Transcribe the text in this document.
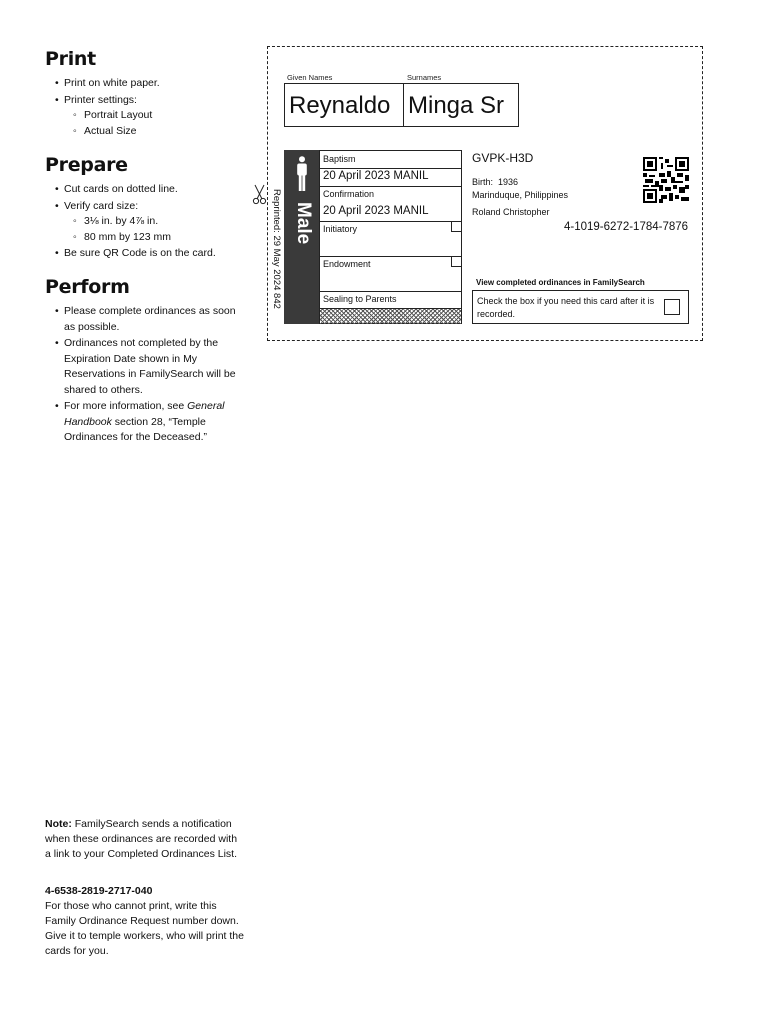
Print
• Print on white paper.
• Printer settings:
◦ Portrait Layout
◦ Actual Size
Prepare
• Cut cards on dotted line.
• Verify card size:
◦ 3⅛ in. by 4⅞ in.
◦ 80 mm by 123 mm
• Be sure QR Code is on the card.
Perform
• Please complete ordinances as soon as possible.
• Ordinances not completed by the Expiration Date shown in My Reservations in FamilySearch will be shared to others.
• For more information, see General Handbook section 28, “Temple Ordinances for the Deceased.”
Note: FamilySearch sends a notification when these ordinances are recorded with a link to your Completed Ordinances List.
4-6538-2819-2717-040
For those who cannot print, write this Family Ordinance Request number down. Give it to temple workers, who will print the cards for you.
Given Names	Surnames
Reynaldo Minga Sr
Male
Reprinted: 29 May 2024 842
Baptism
20 April 2023 MANIL
Confirmation
20 April 2023 MANIL
Initiatory
Endowment
Sealing to Parents
GVPK-H3D
Birth: 1936
Marinduque, Philippines
Roland Christopher
4-1019-6272-1784-7876
View completed ordinances in FamilySearch
Check the box if you need this card after it is recorded.
